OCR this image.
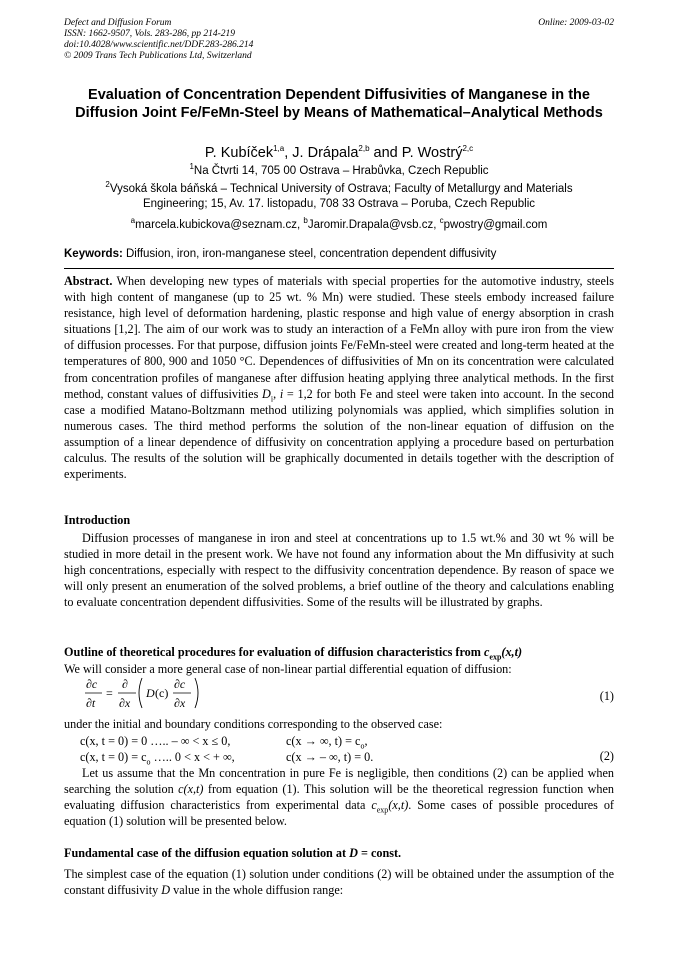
Defect and Diffusion Forum
ISSN: 1662-9507, Vols. 283-286, pp 214-219
doi:10.4028/www.scientific.net/DDF.283-286.214
© 2009 Trans Tech Publications Ltd, Switzerland
Online: 2009-03-02
Evaluation of Concentration Dependent Diffusivities of Manganese in the Diffusion Joint Fe/FeMn-Steel by Means of Mathematical–Analytical Methods
P. Kubíček$^{1,a}$, J. Drápala$^{2,b}$ and P. Wostrý$^{2,c}$
$^1$Na Čtvrti 14, 705 00 Ostrava – Hrabůvka, Czech Republic
$^2$Vysoká škola báňská – Technical University of Ostrava; Faculty of Metallurgy and Materials Engineering; 15, Av. 17. listopadu, 708 33 Ostrava – Poruba, Czech Republic
$^a$marcela.kubickova@seznam.cz, $^b$Jaromir.Drapala@vsb.cz, $^c$pwostry@gmail.com
Keywords: Diffusion, iron, iron-manganese steel, concentration dependent diffusivity
Abstract. When developing new types of materials with special properties for the automotive industry, steels with high content of manganese (up to 25 wt. % Mn) were studied. These steels embody increased failure resistance, high level of deformation hardening, plastic response and high value of energy absorption in crash situations [1,2]. The aim of our work was to study an interaction of a FeMn alloy with pure iron from the view of diffusion processes. For that purpose, diffusion joints Fe/FeMn-steel were created and long-term heated at the temperatures of 800, 900 and 1050 °C. Dependences of diffusivities of Mn on its concentration were calculated from concentration profiles of manganese after diffusion heating applying three analytical methods. In the first method, constant values of diffusivities $D_i$, i = 1,2 for both Fe and steel were taken into account. In the second case a modified Matano-Boltzmann method utilizing polynomials was applied, which simplifies solution in numerous cases. The third method performs the solution of the non-linear equation of diffusion on the assumption of a linear dependence of diffusivity on concentration applying a procedure based on perturbation calculus. The results of the solution will be graphically documented in details together with the description of experiments.
Introduction
Diffusion processes of manganese in iron and steel at concentrations up to 1.5 wt.% and 30 wt % will be studied in more detail in the present work. We have not found any information about the Mn diffusivity at such high concentrations, especially with respect to the diffusivity concentration dependence. By reason of space we will only present an enumeration of the solved problems, a brief outline of the theory and calculations enabling to evaluate concentration dependent diffusivities. Some of the results will be illustrated by graphs.
Outline of theoretical procedures for evaluation of diffusion characteristics from $c_{exp}(x,t)$
We will consider a more general case of non-linear partial differential equation of diffusion:
∂c
∂t
=
∂
∂x
D (c)
∂c
∂x	(1)
under the initial and boundary conditions corresponding to the observed case:
c(x, t = 0) = 0 ….. – ∞ < x ≤ 0,	c(x → ∞, $t) = c_o$,
c(x, $t = 0) = c_o$ ….. 0 < x < + ∞,	c(x → – ∞, t) = 0.	(2)
Let us assume that the Mn concentration in pure Fe is negligible, then conditions (2) can be applied when searching the solution c(x,t) from equation (1). This solution will be the theoretical regression function when evaluating diffusion characteristics from experimental data $c_{exp}(x,t)$. Some cases of possible procedures of equation (1) solution will be presented below.
Fundamental case of the diffusion equation solution at D = const.
The simplest case of the equation (1) solution under conditions (2) will be obtained under the assumption of the constant diffusivity D value in the whole diffusion range:
